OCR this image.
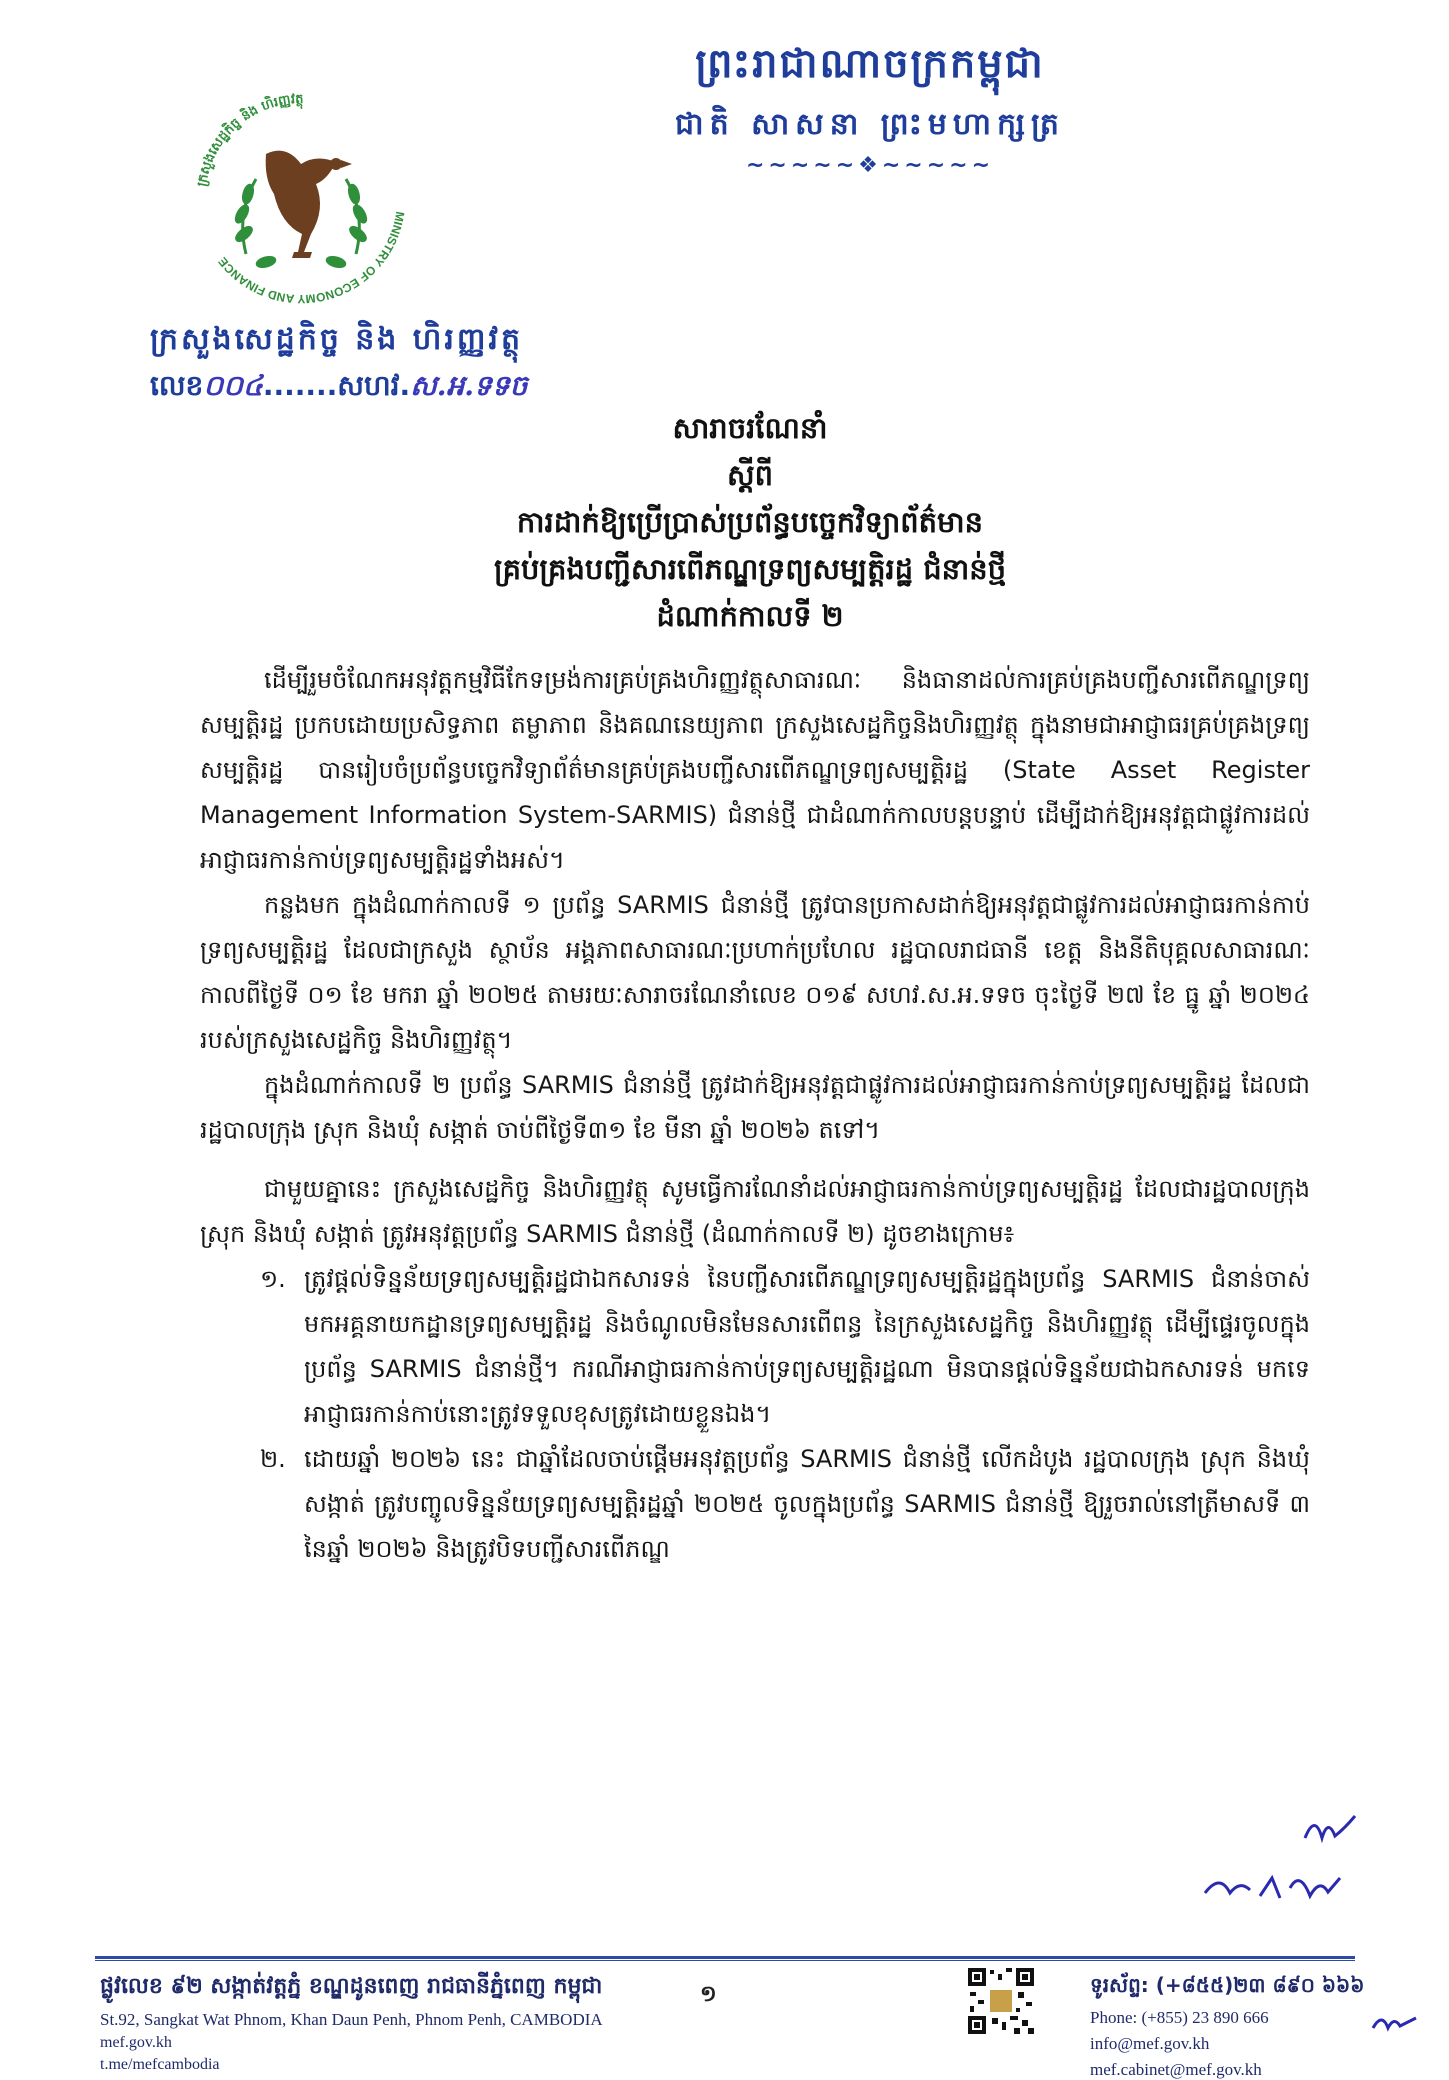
ព្រះរាជាណាចក្រកម្ពុជា
ជាតិ សាសនា ព្រះមហាក្សត្រ
~~~~~❖~~~~~
ក្រសួងសេដ្ឋកិច្ច និង ហិរញ្ញវត្ថុ
MINISTRY OF ECONOMY AND FINANCE
ក្រសួងសេដ្ឋកិច្ច និង ហិរញ្ញវត្ថុ
លេខ០០៤.......សហវ.ស.អ.ទទច
សារាចរណែនាំ
ស្តីពី
ការដាក់ឱ្យប្រើប្រាស់ប្រព័ន្ធបច្ចេកវិទ្យាព័ត៌មាន
គ្រប់គ្រងបញ្ជីសារពើភណ្ឌទ្រព្យសម្បត្តិរដ្ឋ ជំនាន់ថ្មី
ដំណាក់កាលទី ២

ដើម្បីរួមចំណែកអនុវត្តកម្មវិធីកែទម្រង់ការគ្រប់គ្រងហិរញ្ញវត្ថុសាធារណៈ និងធានាដល់ការគ្រប់គ្រងបញ្ជីសារពើភណ្ឌទ្រព្យសម្បត្តិរដ្ឋ ប្រកបដោយប្រសិទ្ធភាព តម្លាភាព និងគណនេយ្យភាព ក្រសួងសេដ្ឋកិច្ចនិងហិរញ្ញវត្ថុ ក្នុងនាមជាអាជ្ញាធរគ្រប់គ្រងទ្រព្យសម្បត្តិរដ្ឋ បានរៀបចំប្រព័ន្ធបច្ចេកវិទ្យាព័ត៌មានគ្រប់គ្រងបញ្ជីសារពើភណ្ឌទ្រព្យសម្បត្តិរដ្ឋ (State Asset Register Management Information System-SARMIS) ជំនាន់ថ្មី ជាដំណាក់កាលបន្តបន្ទាប់ ដើម្បីដាក់ឱ្យអនុវត្តជាផ្លូវការដល់អាជ្ញាធរកាន់កាប់ទ្រព្យសម្បត្តិរដ្ឋទាំងអស់។

កន្លងមក ក្នុងដំណាក់កាលទី ១ ប្រព័ន្ធ SARMIS ជំនាន់ថ្មី ត្រូវបានប្រកាសដាក់ឱ្យអនុវត្តជាផ្លូវការដល់អាជ្ញាធរកាន់កាប់ទ្រព្យសម្បត្តិរដ្ឋ ដែលជាក្រសួង ស្ថាប័ន អង្គភាពសាធារណៈប្រហាក់ប្រហែល រដ្ឋបាលរាជធានី ខេត្ត និងនីតិបុគ្គលសាធារណៈ កាលពីថ្ងៃទី ០១ ខែ មករា ឆ្នាំ ២០២៥ តាមរយៈសារាចរណែនាំលេខ ០១៩ សហវ.ស.អ.ទទច ចុះថ្ងៃទី ២៧ ខែ ធ្នូ ឆ្នាំ ២០២៤ របស់ក្រសួងសេដ្ឋកិច្ច និងហិរញ្ញវត្ថុ។

ក្នុងដំណាក់កាលទី ២ ប្រព័ន្ធ SARMIS ជំនាន់ថ្មី ត្រូវដាក់ឱ្យអនុវត្តជាផ្លូវការដល់អាជ្ញាធរកាន់កាប់ទ្រព្យសម្បត្តិរដ្ឋ ដែលជារដ្ឋបាលក្រុង ស្រុក និងឃុំ សង្កាត់ ចាប់ពីថ្ងៃទី៣១ ខែ មីនា ឆ្នាំ ២០២៦ តទៅ។

ជាមួយគ្នានេះ ក្រសួងសេដ្ឋកិច្ច និងហិរញ្ញវត្ថុ សូមធ្វើការណែនាំដល់អាជ្ញាធរកាន់កាប់ទ្រព្យសម្បត្តិរដ្ឋ ដែលជារដ្ឋបាលក្រុង ស្រុក និងឃុំ សង្កាត់ ត្រូវអនុវត្តប្រព័ន្ធ SARMIS ជំនាន់ថ្មី (ដំណាក់កាលទី ២) ដូចខាងក្រោម៖

១. ត្រូវផ្តល់ទិន្នន័យទ្រព្យសម្បត្តិរដ្ឋជាឯកសារទន់ នៃបញ្ជីសារពើភណ្ឌទ្រព្យសម្បត្តិរដ្ឋក្នុងប្រព័ន្ធ SARMIS ជំនាន់ចាស់ មកអគ្គនាយកដ្ឋានទ្រព្យសម្បត្តិរដ្ឋ និងចំណូលមិនមែនសារពើពន្ធ នៃក្រសួងសេដ្ឋកិច្ច និងហិរញ្ញវត្ថុ ដើម្បីផ្ទេរចូលក្នុងប្រព័ន្ធ SARMIS ជំនាន់ថ្មី។ ករណីអាជ្ញាធរកាន់កាប់ទ្រព្យសម្បត្តិរដ្ឋណា មិនបានផ្តល់ទិន្នន័យជាឯកសារទន់ មកទេ អាជ្ញាធរកាន់កាប់នោះត្រូវទទួលខុសត្រូវដោយខ្លួនឯង។
២. ដោយឆ្នាំ ២០២៦ នេះ ជាឆ្នាំដែលចាប់ផ្តើមអនុវត្តប្រព័ន្ធ SARMIS ជំនាន់ថ្មី លើកដំបូង រដ្ឋបាលក្រុង ស្រុក និងឃុំ សង្កាត់ ត្រូវបញ្ចូលទិន្នន័យទ្រព្យសម្បត្តិរដ្ឋឆ្នាំ ២០២៥ ចូលក្នុងប្រព័ន្ធ SARMIS ជំនាន់ថ្មី ឱ្យរួចរាល់នៅត្រីមាសទី ៣ នៃឆ្នាំ ២០២៦ និងត្រូវបិទបញ្ជីសារពើភណ្ឌ
ផ្លូវលេខ ៩២ សង្កាត់វត្តភ្នំ ខណ្ឌដូនពេញ រាជធានីភ្នំពេញ កម្ពុជា
St.92, Sangkat Wat Phnom, Khan Daun Penh, Phnom Penh, CAMBODIA
mef.gov.kh
t.me/mefcambodia
១	ទូរស័ព្ទ: (+៨៥៥)២៣ ៨៩០ ៦៦៦
Phone: (+855) 23 890 666
info@mef.gov.kh
mef.cabinet@mef.gov.kh
